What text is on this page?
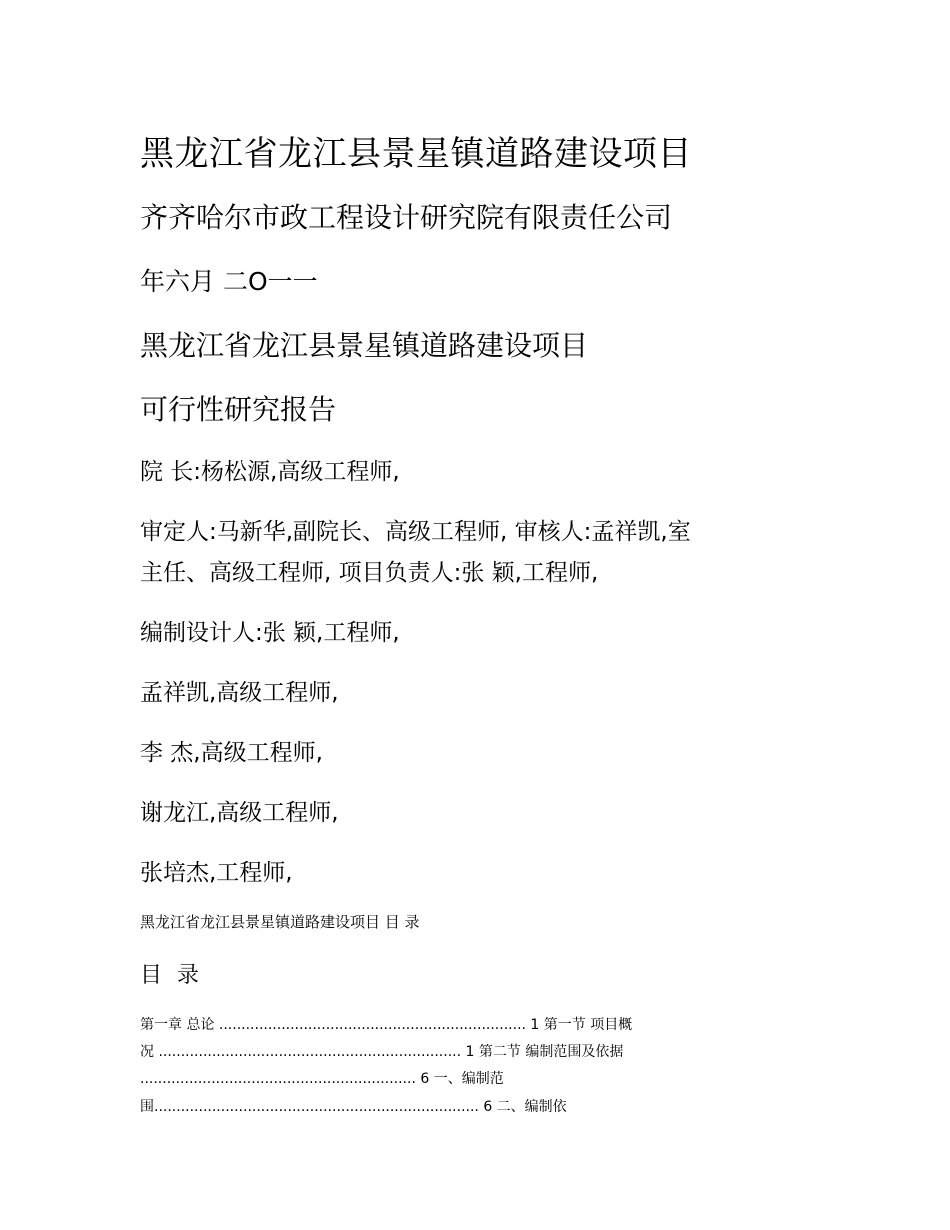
黑龙江省龙江县景星镇道路建设项目
齐齐哈尔市政工程设计研究院有限责任公司
年六月 二O一一
黑龙江省龙江县景星镇道路建设项目
可行性研究报告
院 长:杨松源,高级工程师,
审定人:马新华,副院长、高级工程师, 审核人:孟祥凯,室
主任、高级工程师, 项目负责人:张 颖,工程师,
编制设计人:张 颖,工程师,
孟祥凯,高级工程师,
李 杰,高级工程师,
谢龙江,高级工程师,
张培杰,工程师,
黑龙江省龙江县景星镇道路建设项目 目 录
目 录
第一章 总论 ..................................................................... 1 第一节 项目概
况 .................................................................... 1 第二节 编制范围及依据
.............................................................. 6 一、编制范
围......................................................................... 6 二、编制依
